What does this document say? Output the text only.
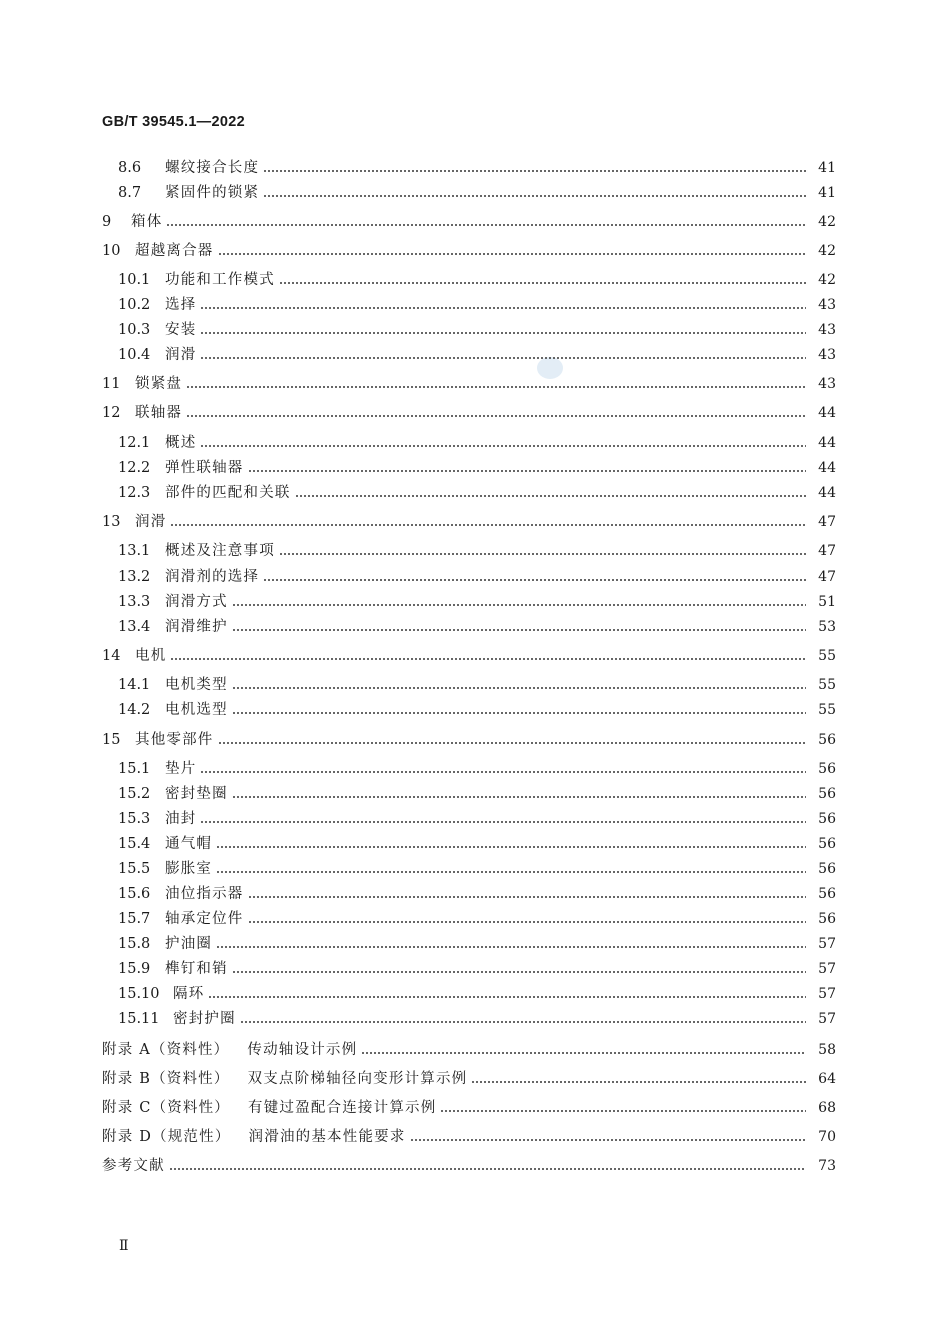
GB/T 39545.1—2022
8.6	螺纹接合长度	41
8.7	紧固件的锁紧	41
9	箱体	42
10	超越离合器	42
10.1	功能和工作模式	42
10.2	选择	43
10.3	安装	43
10.4	润滑	43
11	锁紧盘	43
12	联轴器	44
12.1	概述	44
12.2	弹性联轴器	44
12.3	部件的匹配和关联	44
13	润滑	47
13.1	概述及注意事项	47
13.2	润滑剂的选择	47
13.3	润滑方式	51
13.4	润滑维护	53
14	电机	55
14.1	电机类型	55
14.2	电机选型	55
15	其他零部件	56
15.1	垫片	56
15.2	密封垫圈	56
15.3	油封	56
15.4	通气帽	56
15.5	膨胀室	56
15.6	油位指示器	56
15.7	轴承定位件	56
15.8	护油圈	57
15.9	榫钉和销	57
15.10 隔环	57
15.11 密封护圈	57
附录 A（资料性） 传动轴设计示例	58
附录 B（资料性） 双支点阶梯轴径向变形计算示例	64
附录 C（资料性） 有键过盈配合连接计算示例	68
附录 D（规范性） 润滑油的基本性能要求	70
参考文献	73
Ⅱ
